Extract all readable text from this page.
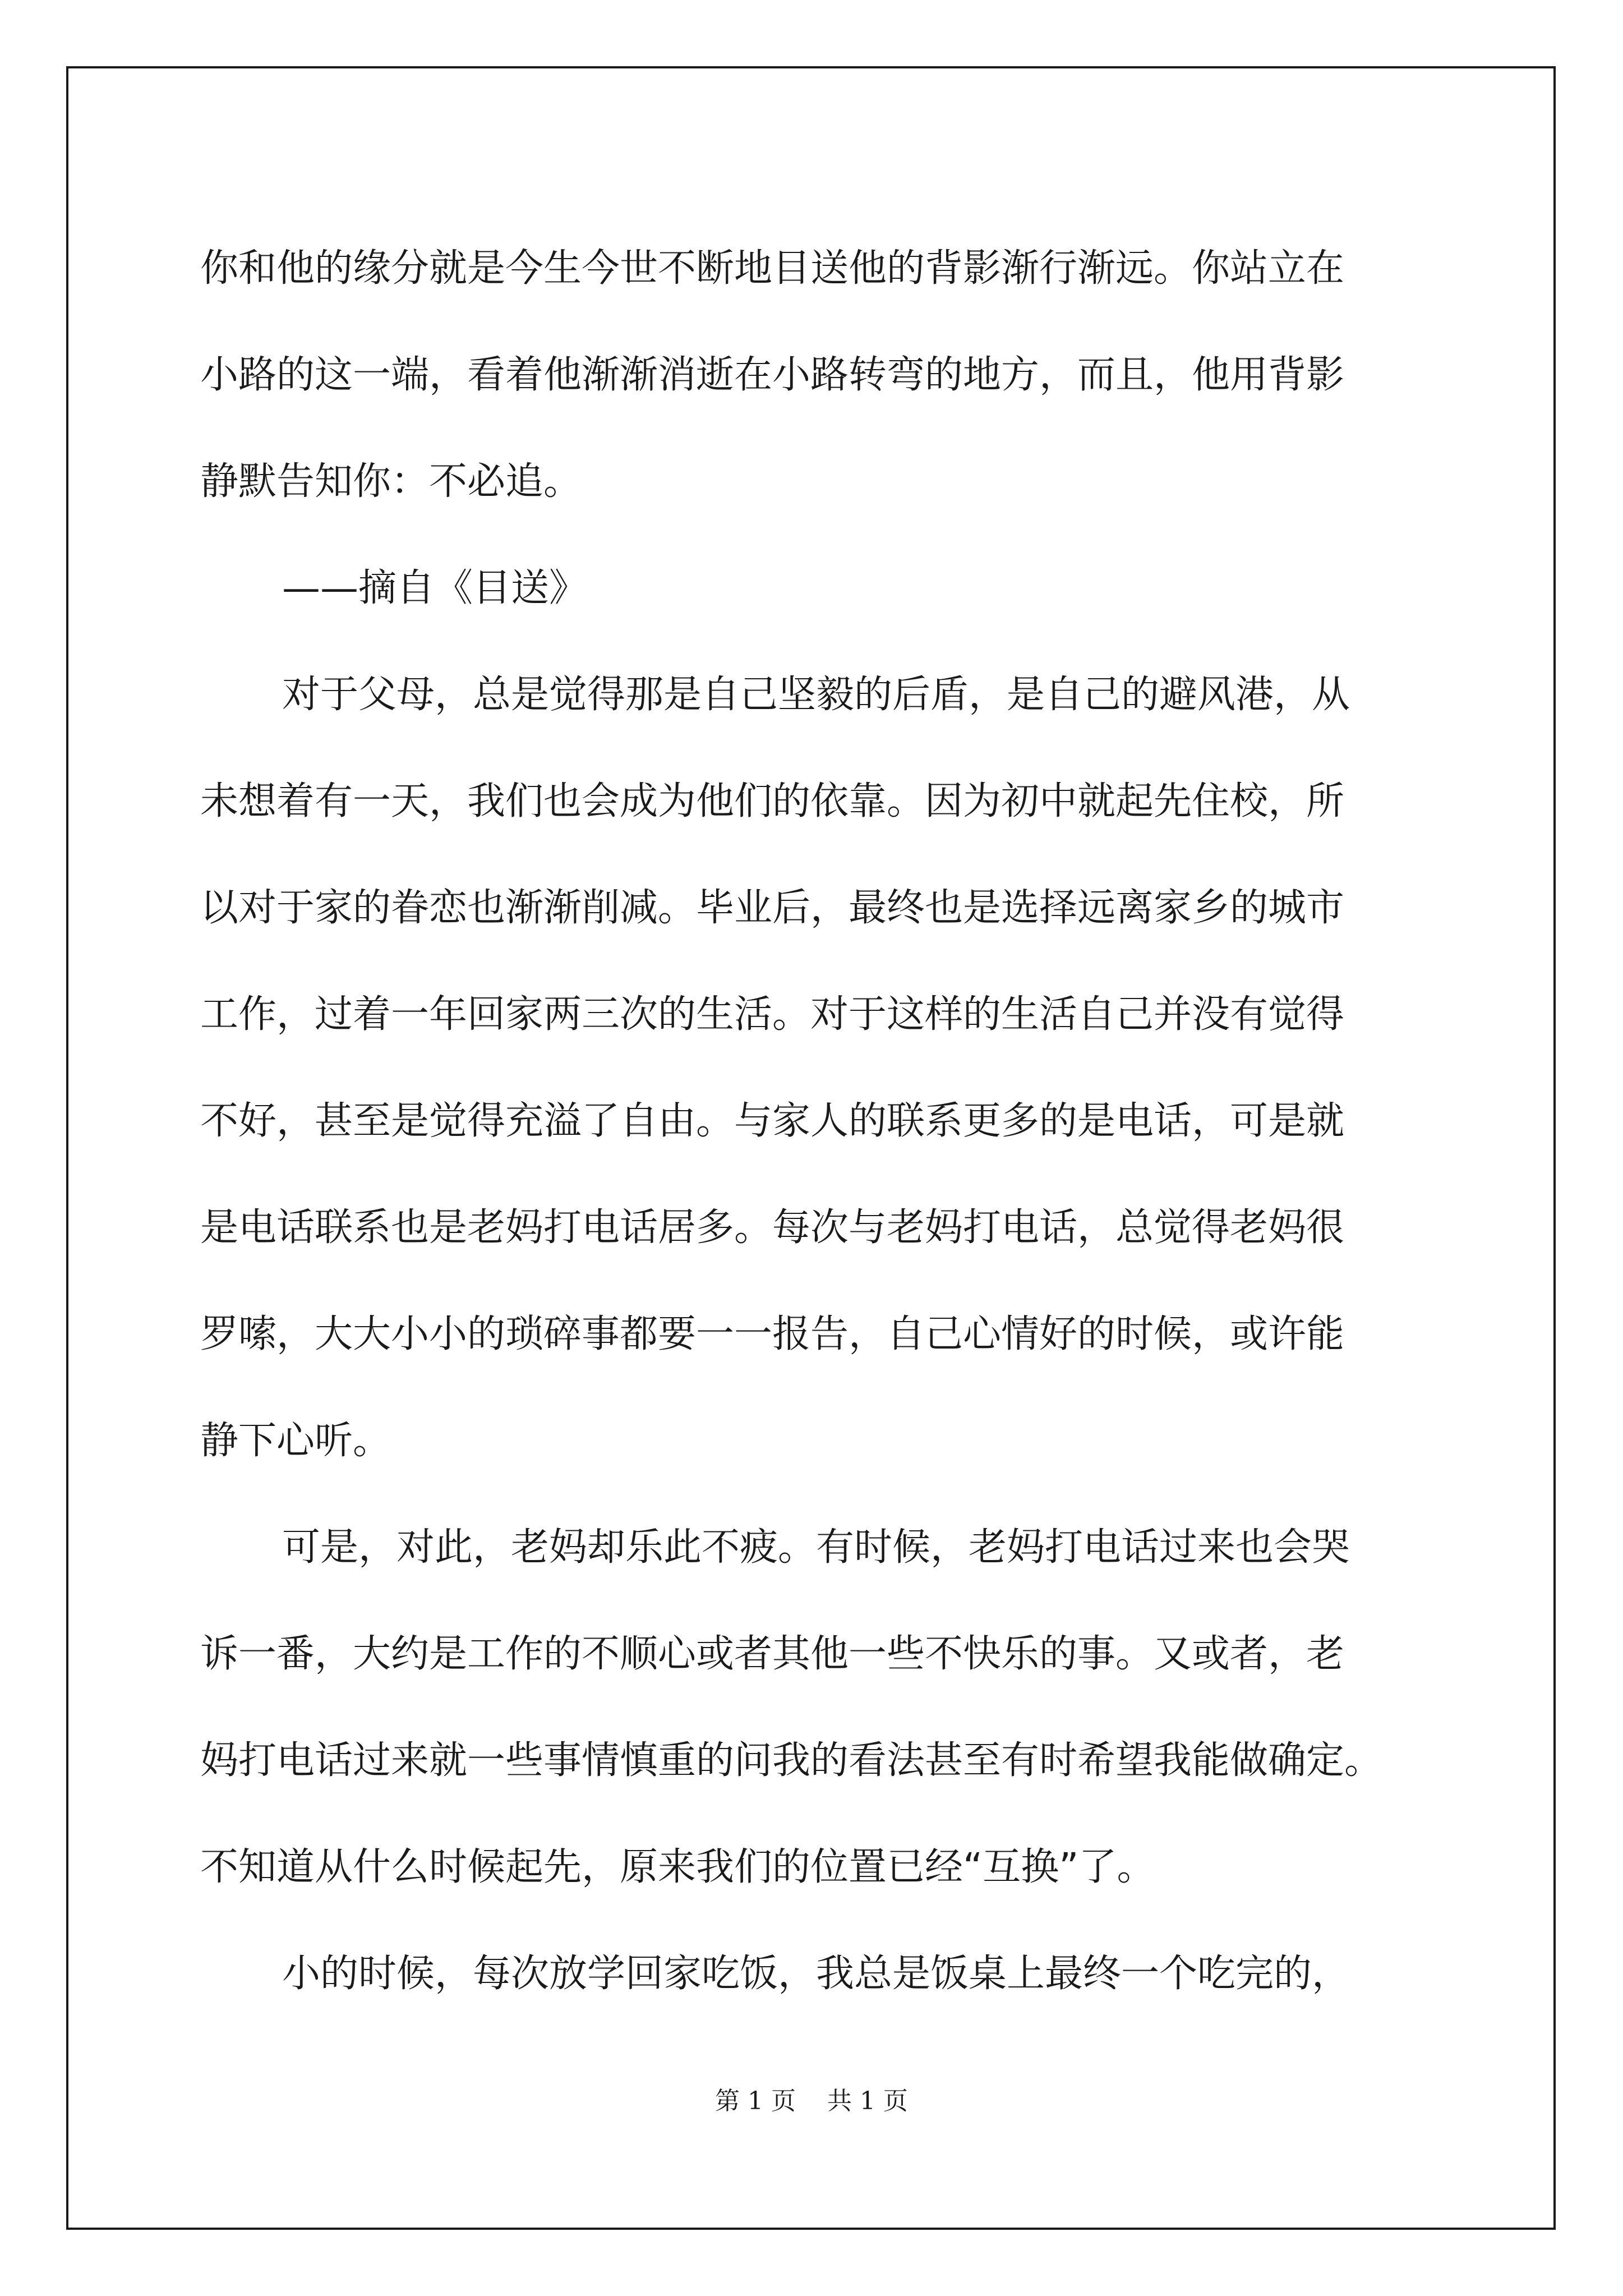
你和他的缘分就是今生今世不断地目送他的背影渐行渐远。你站立在
小路的这一端，看着他渐渐消逝在小路转弯的地方，而且，他用背影
静默告知你：不必追。
——摘自《目送》
对于父母，总是觉得那是自己坚毅的后盾，是自己的避风港，从
未想着有一天，我们也会成为他们的依靠。因为初中就起先住校，所
以对于家的眷恋也渐渐削减。毕业后，最终也是选择远离家乡的城市
工作，过着一年回家两三次的生活。对于这样的生活自己并没有觉得
不好，甚至是觉得充溢了自由。与家人的联系更多的是电话，可是就
是电话联系也是老妈打电话居多。每次与老妈打电话，总觉得老妈很
罗嗦，大大小小的琐碎事都要一一报告，自己心情好的时候，或许能
静下心听。
可是，对此，老妈却乐此不疲。有时候，老妈打电话过来也会哭
诉一番，大约是工作的不顺心或者其他一些不快乐的事。又或者，老
妈打电话过来就一些事情慎重的问我的看法甚至有时希望我能做确定。
不知道从什么时候起先，原来我们的位置已经“互换”了。
小的时候，每次放学回家吃饭，我总是饭桌上最终一个吃完的，
第 1 页    共 1 页
